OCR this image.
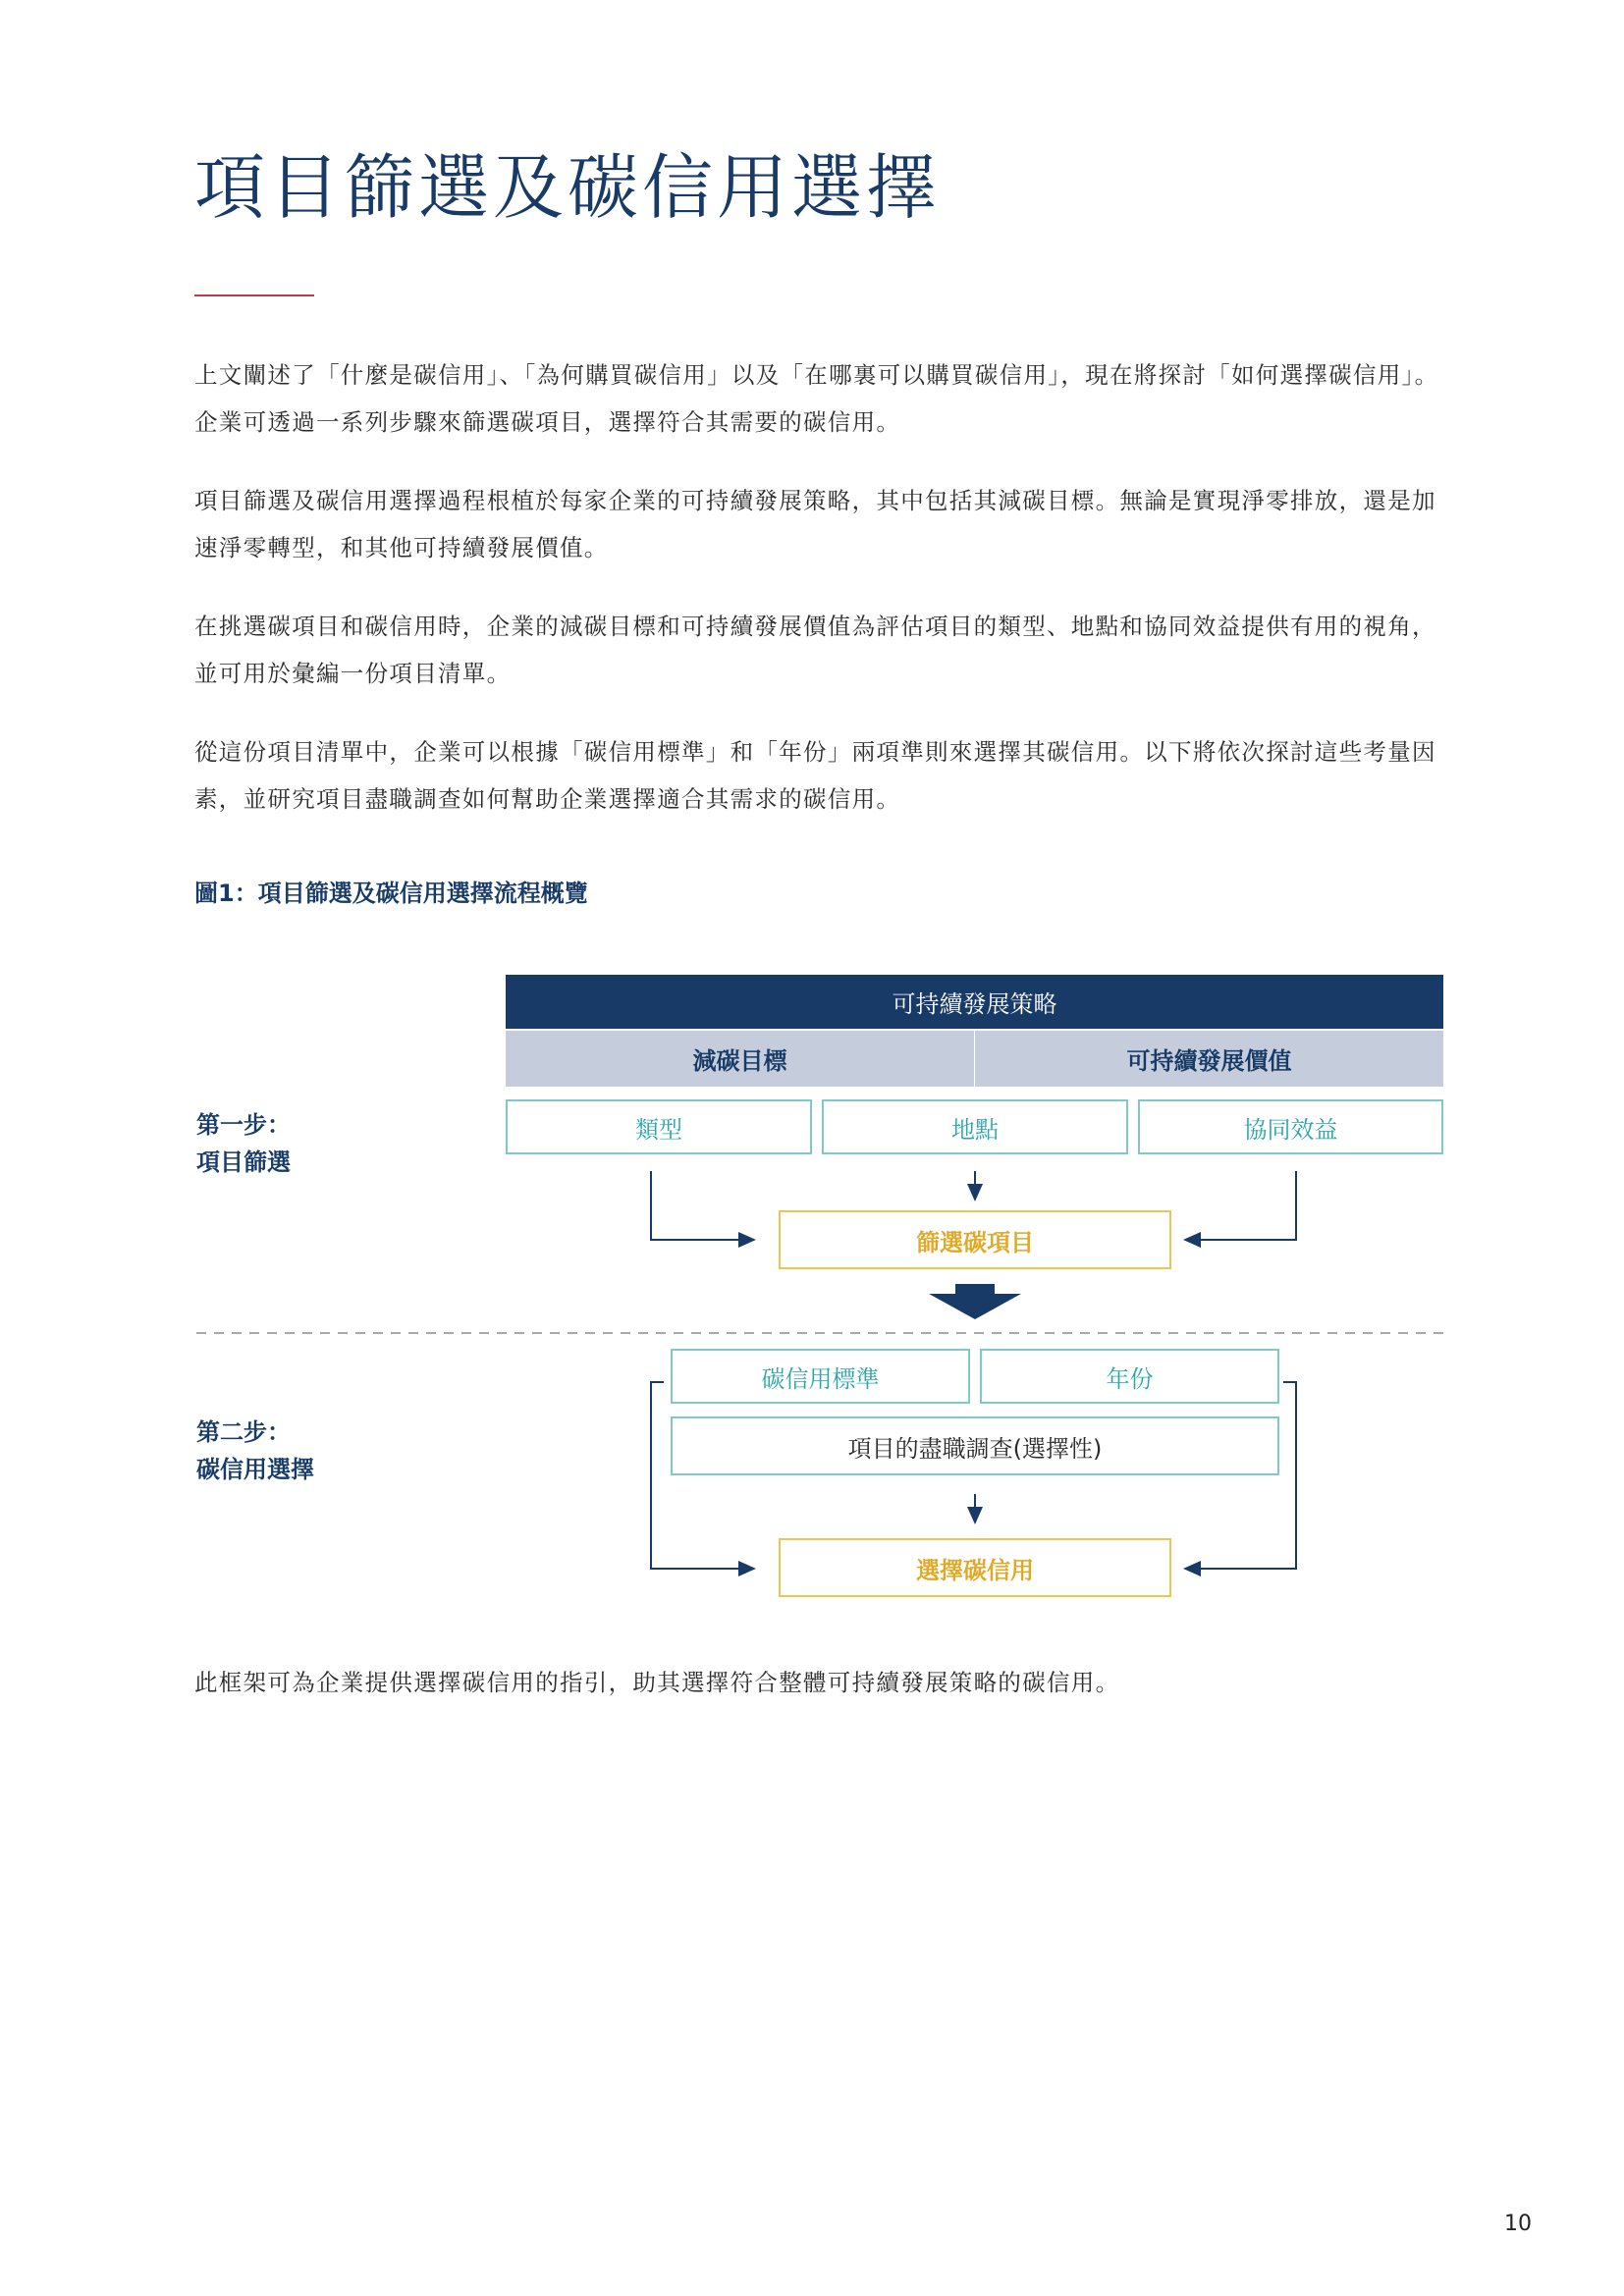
項目篩選及碳信用選擇

上文闡述了「什麼是碳信用」、「為何購買碳信用」以及「在哪裏可以購買碳信用」，現在將探討「如何選擇碳信用」。企業可透過一系列步驟來篩選碳項目，選擇符合其需要的碳信用。

項目篩選及碳信用選擇過程根植於每家企業的可持續發展策略，其中包括其減碳目標。無論是實現淨零排放，還是加速淨零轉型，和其他可持續發展價值。

在挑選碳項目和碳信用時，企業的減碳目標和可持續發展價值為評估項目的類型、地點和協同效益提供有用的視角，並可用於彙編一份項目清單。

從這份項目清單中，企業可以根據「碳信用標準」和「年份」兩項準則來選擇其碳信用。以下將依次探討這些考量因素，並研究項目盡職調查如何幫助企業選擇適合其需求的碳信用。

圖1：項目篩選及碳信用選擇流程概覽

可持續發展策略
減碳目標	可持續發展價值
第一步：
項目篩選
類型	地點	協同效益
篩選碳項目
第二步：
碳信用選擇
碳信用標準	年份
項目的盡職調查(選擇性)
選擇碳信用

此框架可為企業提供選擇碳信用的指引，助其選擇符合整體可持續發展策略的碳信用。

10
